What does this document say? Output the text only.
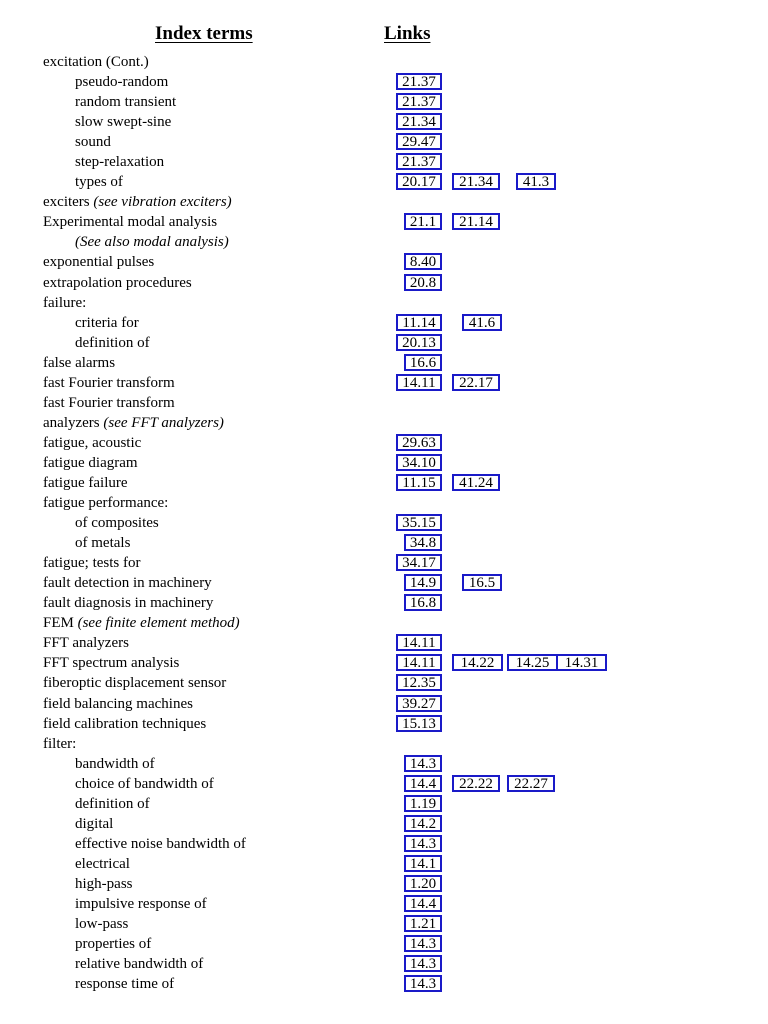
Index terms	Links
excitation (Cont.)
pseudo-random	21.37
random transient	21.37
slow swept-sine	21.34
sound	29.47
step-relaxation	21.37
types of	20.17	21.34	41.3
exciters (see vibration exciters)
Experimental modal analysis	21.1	21.14
(See also modal analysis)
exponential pulses	8.40
extrapolation procedures	20.8
failure:
criteria for	11.14	41.6
definition of	20.13
false alarms	16.6
fast Fourier transform	14.11	22.17
fast Fourier transform
analyzers (see FFT analyzers)
fatigue, acoustic	29.63
fatigue diagram	34.10
fatigue failure	11.15	41.24
fatigue performance:
of composites	35.15
of metals	34.8
fatigue; tests for	34.17
fault detection in machinery	14.9	16.5
fault diagnosis in machinery	16.8
FEM (see finite element method)
FFT analyzers	14.11
FFT spectrum analysis	14.11	14.22	14.25	14.31
fiberoptic displacement sensor	12.35
field balancing machines	39.27
field calibration techniques	15.13
filter:
bandwidth of	14.3
choice of bandwidth of	14.4	22.22	22.27
definition of	1.19
digital	14.2
effective noise bandwidth of	14.3
electrical	14.1
high-pass	1.20
impulsive response of	14.4
low-pass	1.21
properties of	14.3
relative bandwidth of	14.3
response time of	14.3
